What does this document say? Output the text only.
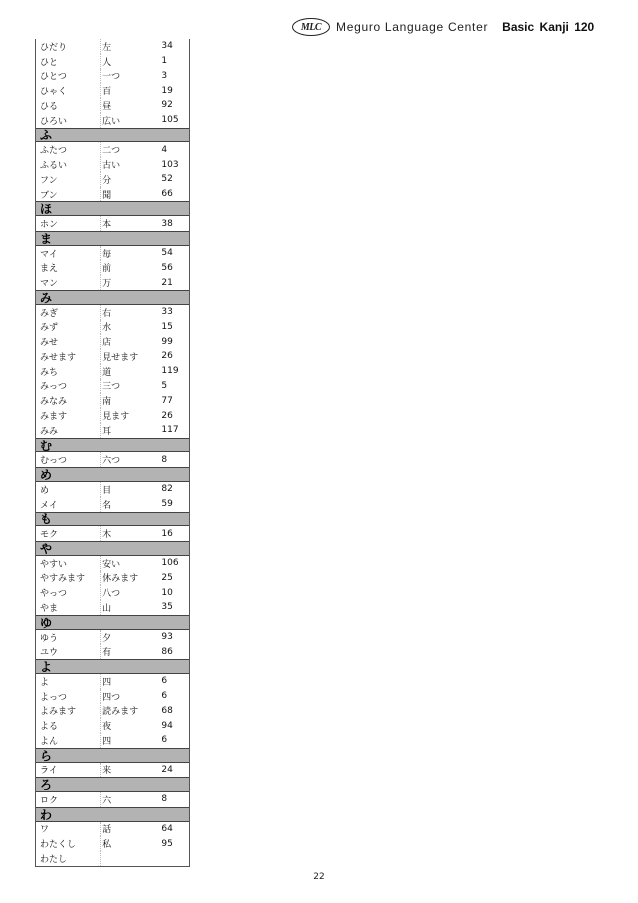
MLC	Meguro Language Center Basic Kanji 120
ひだり	左	34
ひと	人	1
ひとつ	一つ	3
ひゃく	百	19
ひる	昼	92
ひろい	広い	105
ふ
ふたつ	二つ	4
ふるい	古い	103
フン	分	52
ブン	聞	66
ほ
ホン	本	38
ま
マイ	毎	54
まえ	前	56
マン	万	21
み
みぎ	右	33
みず	水	15
みせ	店	99
みせます	見せます	26
みち	道	119
みっつ	三つ	5
みなみ	南	77
みます	見ます	26
みみ	耳	117
む
むっつ	六つ	8
め
め	目	82
メイ	名	59
も
モク	木	16
や
やすい	安い	106
やすみます	休みます	25
やっつ	八つ	10
やま	山	35
ゆ
ゆう	夕	93
ユウ	有	86
よ
よ	四	6
よっつ	四つ	6
よみます	読みます	68
よる	夜	94
よん	四	6
ら
ライ	来	24
ろ
ロク	六	8
わ
ワ	話	64
わたくし	私	95
わたし
22
